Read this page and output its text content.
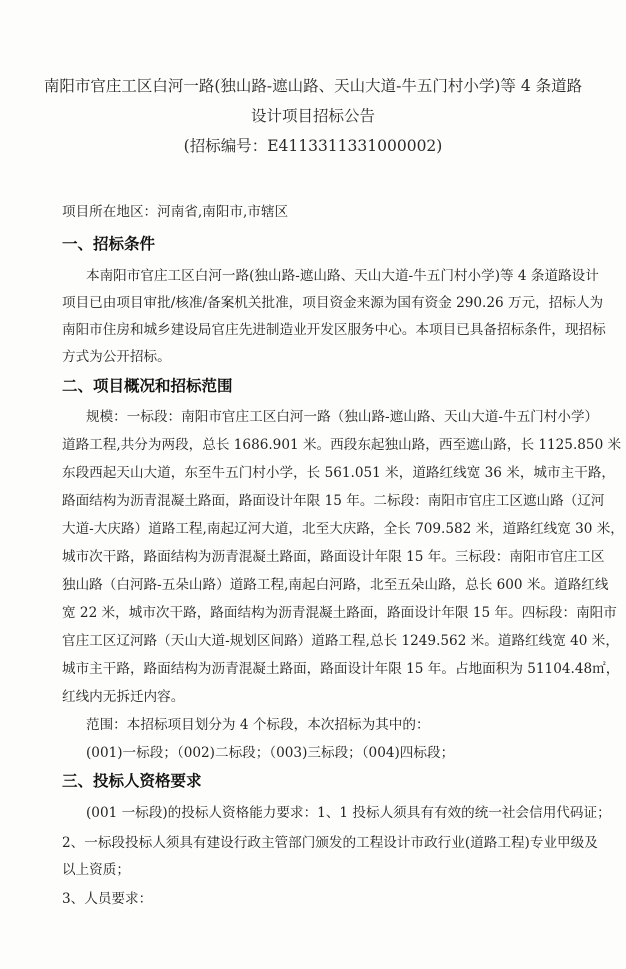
南阳市官庄工区白河一路(独山路-遮山路、天山大道-牛五门村小学)等 4 条道路
设计项目招标公告
(招标编号：E4113311331000002)
项目所在地区：河南省,南阳市,市辖区
一、招标条件
本南阳市官庄工区白河一路(独山路-遮山路、天山大道-牛五门村小学)等 4 条道路设计
项目已由项目审批/核准/备案机关批准，项目资金来源为国有资金 290.26 万元，招标人为
南阳市住房和城乡建设局官庄先进制造业开发区服务中心。本项目已具备招标条件，现招标
方式为公开招标。
二、项目概况和招标范围
规模：一标段：南阳市官庄工区白河一路（独山路-遮山路、天山大道-牛五门村小学）
道路工程,共分为两段，总长 1686.901 米。西段东起独山路，西至遮山路，长 1125.850 米
东段西起天山大道，东至牛五门村小学，长 561.051 米，道路红线宽 36 米，城市主干路，
路面结构为沥青混凝土路面，路面设计年限 15 年。二标段：南阳市官庄工区遮山路（辽河
大道-大庆路）道路工程,南起辽河大道，北至大庆路，全长 709.582 米，道路红线宽 30 米，
城市次干路，路面结构为沥青混凝土路面，路面设计年限 15 年。三标段：南阳市官庄工区
独山路（白河路-五朵山路）道路工程,南起白河路，北至五朵山路，总长 600 米。道路红线
宽 22 米，城市次干路，路面结构为沥青混凝土路面，路面设计年限 15 年。四标段：南阳市
官庄工区辽河路（天山大道-规划区间路）道路工程,总长 1249.562 米。道路红线宽 40 米，
城市主干路，路面结构为沥青混凝土路面，路面设计年限 15 年。占地面积为 51104.48㎡，
红线内无拆迁内容。
范围：本招标项目划分为 4 个标段，本次招标为其中的：
(001)一标段；（002)二标段；（003)三标段；（004)四标段；
三、投标人资格要求
(001 一标段)的投标人资格能力要求：1、1 投标人须具有有效的统一社会信用代码证；
2、一标段投标人须具有建设行政主管部门颁发的工程设计市政行业(道路工程)专业甲级及
以上资质；
3、人员要求：
